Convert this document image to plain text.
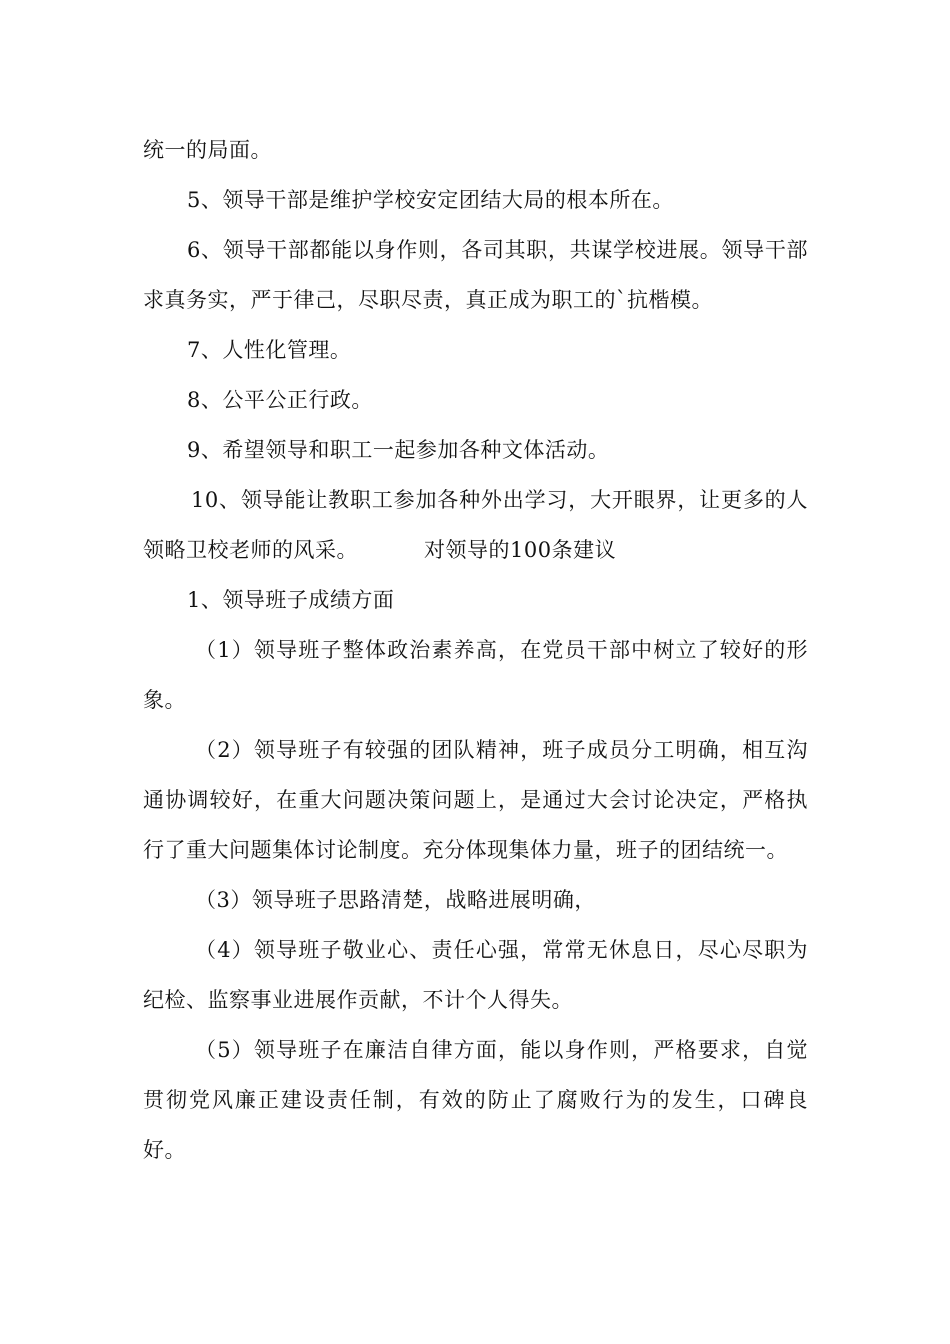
统一的局面。

5、领导干部是维护学校安定团结大局的根本所在。

6、领导干部都能以身作则，各司其职，共谋学校进展。领导干部求真务实，严于律己，尽职尽责，真正成为职工的`抗楷模。

7、人性化管理。

8、公平公正行政。

9、希望领导和职工一起参加各种文体活动。

10、领导能让教职工参加各种外出学习，大开眼界，让更多的人领略卫校老师的风采。	对领导的100条建议

1、领导班子成绩方面

（1）领导班子整体政治素养高，在党员干部中树立了较好的形象。

（2）领导班子有较强的团队精神，班子成员分工明确，相互沟通协调较好，在重大问题决策问题上，是通过大会讨论决定，严格执行了重大问题集体讨论制度。充分体现集体力量，班子的团结统一。

（3）领导班子思路清楚，战略进展明确，

（4）领导班子敬业心、责任心强，常常无休息日，尽心尽职为纪检、监察事业进展作贡献，不计个人得失。

（5）领导班子在廉洁自律方面，能以身作则，严格要求，自觉贯彻党风廉正建设责任制，有效的防止了腐败行为的发生，口碑良好。
